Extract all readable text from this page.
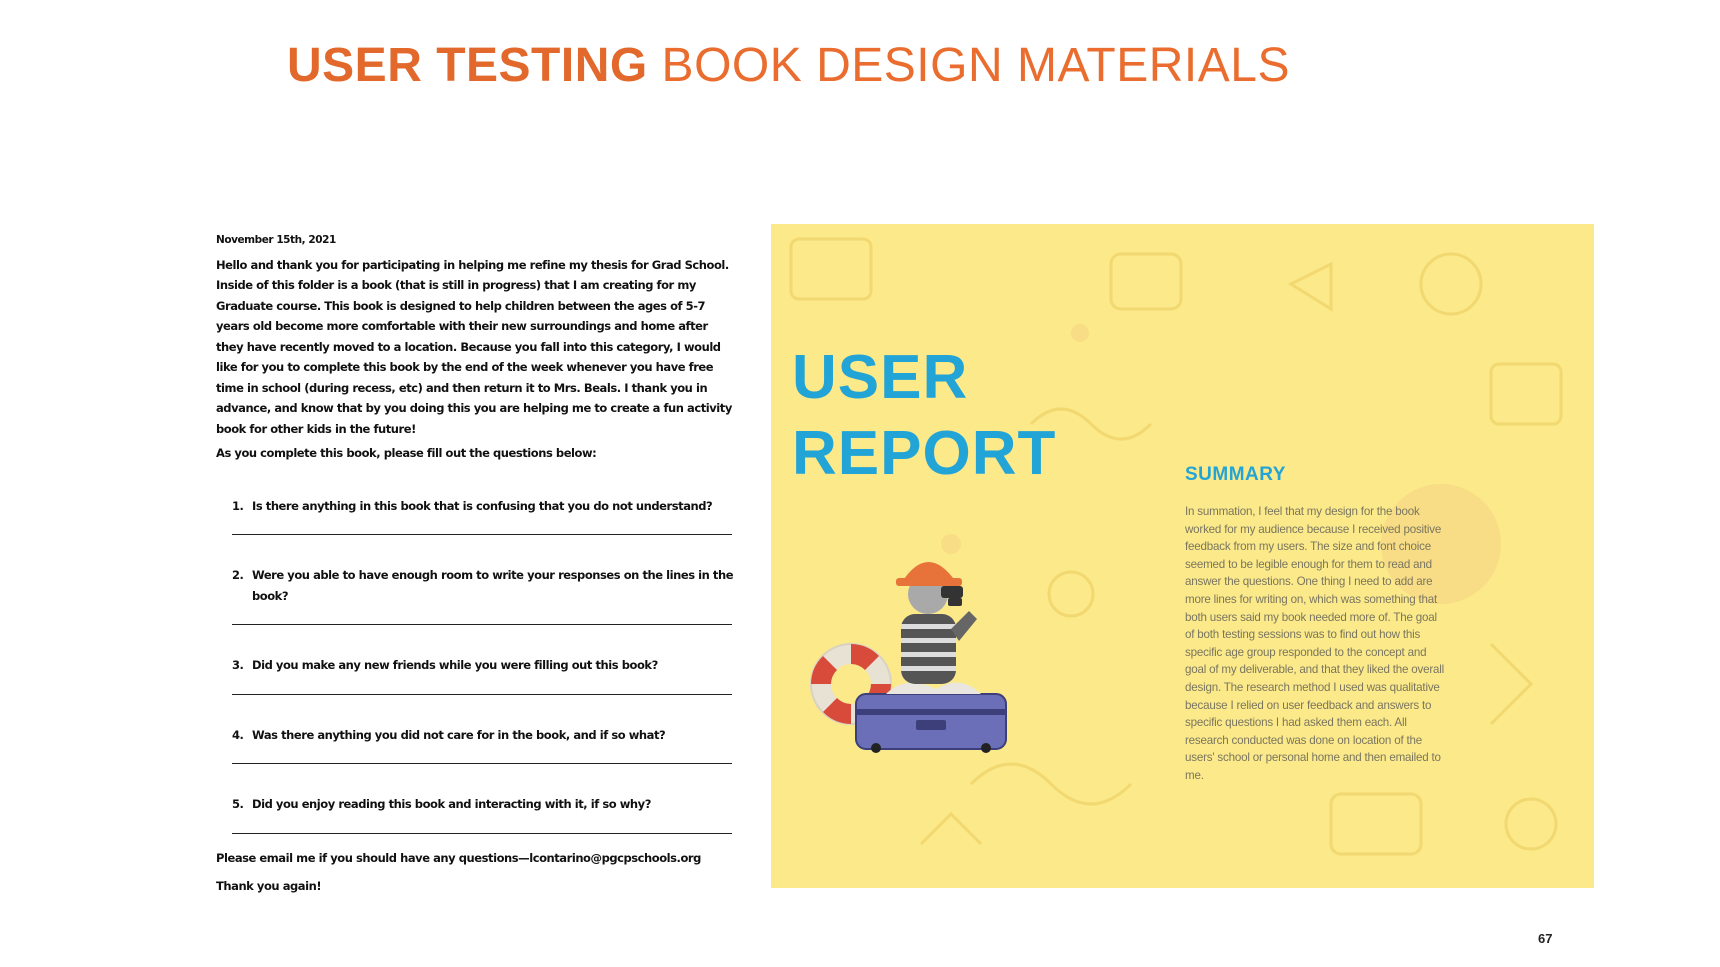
USER TESTING BOOK DESIGN MATERIALS
November 15th, 2021

Hello and thank you for participating in helping me refine my thesis for Grad School. Inside of this folder is a book (that is still in progress) that I am creating for my Graduate course. This book is designed to help children between the ages of 5-7 years old become more comfortable with their new surroundings and home after they have recently moved to a location. Because you fall into this category, I would like for you to complete this book by the end of the week whenever you have free time in school (during recess, etc) and then return it to Mrs. Beals. I thank you in advance, and know that by you doing this you are helping me to create a fun activity book for other kids in the future!

As you complete this book, please fill out the questions below:

1. Is there anything in this book that is confusing that you do not understand?
2. Were you able to have enough room to write your responses on the lines in the book?
3. Did you make any new friends while you were filling out this book?
4. Was there anything you did not care for in the book, and if so what?
5. Did you enjoy reading this book and interacting with it, if so why?

Please email me if you should have any questions—lcontarino@pgcpschools.org

Thank you again!

USER
REPORT	SUMMARY
In summation, I feel that my design for the book worked for my audience because I received positive feedback from my users. The size and font choice seemed to be legible enough for them to read and answer the questions. One thing I need to add are more lines for writing on, which was something that both users said my book needed more of. The goal of both testing sessions was to find out how this specific age group responded to the concept and goal of my deliverable, and that they liked the overall design. The research method I used was qualitative because I relied on user feedback and answers to specific questions I had asked them each. All research conducted was done on location of the users' school or personal home and then emailed to me.
67
